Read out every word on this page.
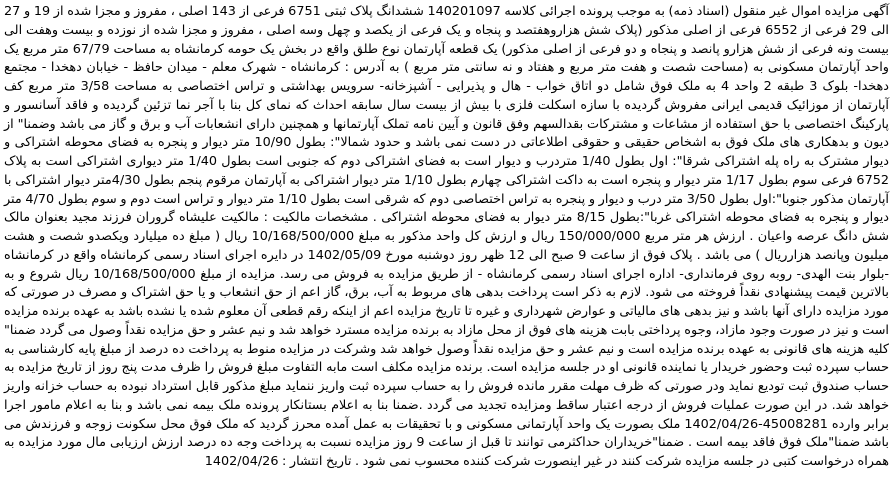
آگهی مزایده اموال غیر منقول (اسناد ذمه) به موجب پرونده اجرائی کلاسه 140201097 ششدانگ پلاک ثبتی 6751 فرعی از 143 اصلی ، مفروز و مجزا شده از 19 و 27 الی 29 فرعی از 6552 فرعی از اصلی مذکور (پلاک شش هزاروهفتصد و پنجاه و یک فرعی از یکصد و چهل وسه اصلی ، مفروز و مجزا شده از نوزده و بیست وهفت الی بیست ونه فرعی از شش هزارو پانصد و پنجاه و دو فرعی از اصلی مذکور) یک قطعه آپارتمان نوع طلق واقع در بخش یک حومه کرمانشاه به مساحت 67/79 متر مربع یک واحد آپارتمان مسکونی به (مساحت شصت و هفت متر مربع و هفتاد و نه سانتی متر مربع ) به آدرس : کرمانشاه - شهرک معلم - میدان حافظ - خیابان دهخدا - مجتمع دهخدا- بلوک 3 طبقه 2 واحد 4 به ملک فوق شامل دو اتاق خواب - هال و پذیرایی - آشپزخانه- سرویس بهداشتی و تراس اختصاصی به مساحت 3/58 متر مربع کف آپارتمان از موزائیک قدیمی ایرانی مفروش گردیده با سازه اسکلت فلزی با بیش از بیست سال سابقه احداث که نمای کل بنا با آجر نما تزئین گردیده و فاقد آسانسور و پارکینگ اختصاصی با حق استفاده از مشاعات و مشترکات بقدالسهم وفق قانون و آیین نامه تملک آپارتمانها و همچنین دارای انشعابات آب و برق و گاز می باشد وضمنا" از دیون و بدهکاری های ملک فوق به اشخاص حقیقی و حقوقی اطلاعاتی در دست نمی باشد و حدود شمالا": بطول 10/90 متر دیوار و پنجره به فضای محوطه اشتراکی و دیوار مشترک به راه پله اشتراکی شرقا": اول بطول 1/40 متردرب و دیوار است به فضای اشتراکی دوم که جنوبی است بطول 1/40 متر دیواری اشتراکی است به پلاک 6752 فرعی سوم بطول 1/17 متر دیوار و پنجره است به داکت اشتراکی چهارم بطول 1/10 متر دیوار اشتراکی به آپارتمان مرقوم پنجم بطول 4/30متر دیوار اشتراکی با آپارتمان مذکور جنوبا":اول بطول 3/50 متر درب و دیوار و پنجره به تراس اختصاصی دوم که شرقی است بطول 1/10 متر دیوار و تراس است دوم و سوم بطول 4/70 متر دیوار و پنجره به فضای محوطه اشتراکی غربا":بطول 8/15 متر دیوار به فضای محوطه اشتراکی . مشخصات مالکیت : مالکیت علیشاه گروران فرزند مجید بعنوان مالک شش دانگ عرصه واعیان . ارزش هر متر مربع 150/000/000 ریال و ارزش کل واحد مذکور به مبلغ 10/168/500/000 ریال ( مبلغ ده میلیارد ویکصدو شصت و هشت میلیون وپانصد هزارریال ) می باشد . پلاک فوق از ساعت 9 صبح الی 12 ظهر روز دوشنبه مورخ 1402/05/09 در دایره اجرای اسناد رسمی کرمانشاه واقع در کرمانشاه -بلوار بنت الهدی- روبه روی فرمانداری- اداره اجرای اسناد رسمی کرمانشاه - از طریق مزایده به فروش می رسد. مزایده از مبلغ 10/168/500/000 ریال شروع و به بالاترین قیمت پیشنهادی نقداً فروخته می شود. لازم به ذکر است پرداخت بدهی های مربوط به آب، برق، گاز اعم از حق انشعاب و یا حق اشتراک و مصرف در صورتی که مورد مزایده دارای آنها باشد و نیز بدهی های مالیاتی و عوارض شهرداری و غیره تا تاریخ مزایده اعم از اینکه رقم قطعی آن معلوم شده یا نشده باشد به عهده برنده مزایده است و نیز در صورت وجود مازاد، وجوه پرداختی بابت هزینه های فوق از محل مازاد به برنده مزایده مسترد خواهد شد و نیم عشر و حق مزایده نقداً وصول می گردد ضمنا" کلیه هزینه های قانونی به عهده برنده مزایده است و نیم عشر و حق مزایده نقداً وصول خواهد شد وشرکت در مزایده منوط به پرداخت ده درصد از مبلغ پایه کارشناسی به حساب سپرده ثبت وحضور خریدار یا نماینده قانونی او در جلسه مزایده است. برنده مزایده مکلف است مابه التفاوت مبلغ فروش را ظرف مدت پنج روز از تاریخ مزایده به حساب صندوق ثبت تودیع نماید ودر صورتی که ظرف مهلت مقرر مانده فروش را به حساب سپرده ثبت واریز ننماید مبلغ مذکور قابل استرداد نبوده به حساب خزانه واریز خواهد شد. در این صورت عملیات فروش از درجه اعتبار ساقط ومزایده تجدید می گردد .ضمنا بنا به اعلام بستانکار پرونده ملک بیمه نمی باشد و بنا به اعلام مامور اجرا برابر وارده 45008281-1402/04/26 ملک بصورت یک واحد آپارتمانی مسکونی و با تحقیقات به عمل آمده محرز گردید که ملک فوق محل سکونت زوجه و فرزندش می باشد ضمنا"ملک فوق فاقد بیمه است . ضمنا"خریداران حداکثرمی توانند تا قبل از ساعت 9 روز مزایده نسبت به پرداخت وجه ده درصد ارزش ارزیابی مال مورد مزایده به همراه درخواست کتبی در جلسه مزایده شرکت کنند در غیر اینصورت شرکت کننده محسوب نمی شود . تاریخ انتشار : 1402/04/26
